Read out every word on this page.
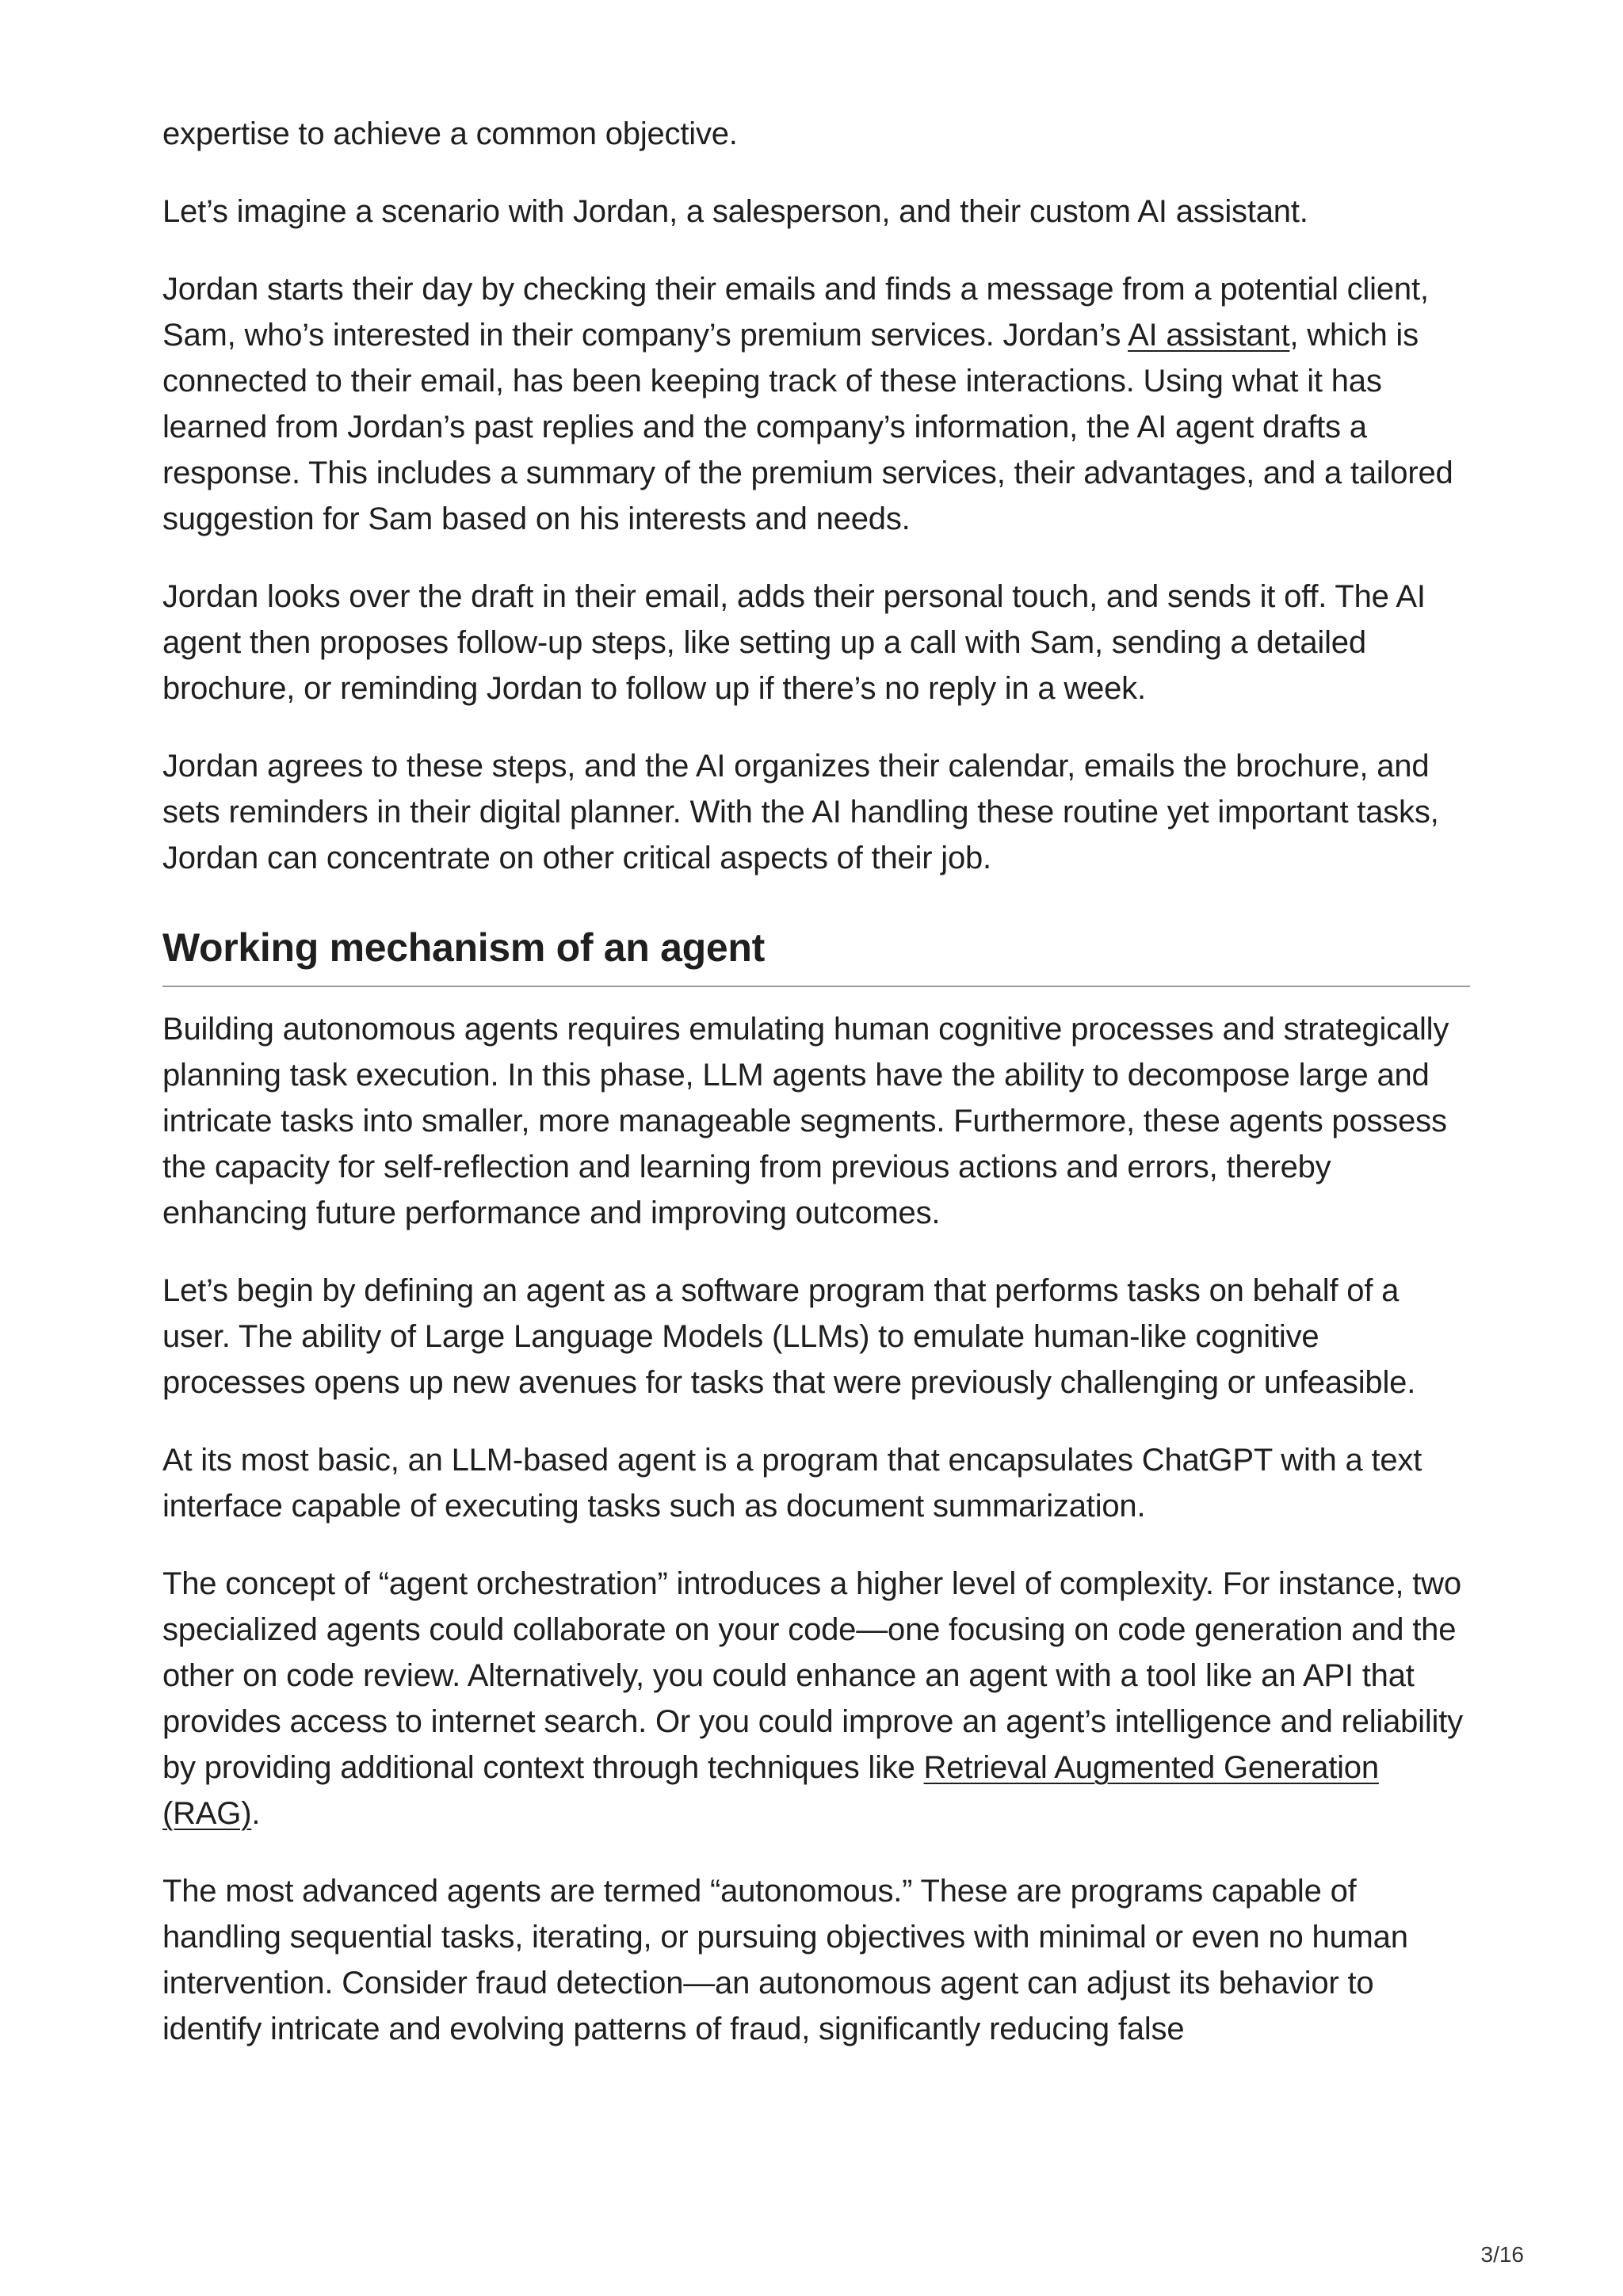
expertise to achieve a common objective.

Let’s imagine a scenario with Jordan, a salesperson, and their custom AI assistant.

Jordan starts their day by checking their emails and finds a message from a potential client, Sam, who’s interested in their company’s premium services. Jordan’s AI assistant, which is connected to their email, has been keeping track of these interactions. Using what it has learned from Jordan’s past replies and the company’s information, the AI agent drafts a response. This includes a summary of the premium services, their advantages, and a tailored suggestion for Sam based on his interests and needs.

Jordan looks over the draft in their email, adds their personal touch, and sends it off. The AI agent then proposes follow-up steps, like setting up a call with Sam, sending a detailed brochure, or reminding Jordan to follow up if there’s no reply in a week.

Jordan agrees to these steps, and the AI organizes their calendar, emails the brochure, and sets reminders in their digital planner. With the AI handling these routine yet important tasks, Jordan can concentrate on other critical aspects of their job.

Working mechanism of an agent

Building autonomous agents requires emulating human cognitive processes and strategically planning task execution. In this phase, LLM agents have the ability to decompose large and intricate tasks into smaller, more manageable segments. Furthermore, these agents possess the capacity for self-reflection and learning from previous actions and errors, thereby enhancing future performance and improving outcomes.

Let’s begin by defining an agent as a software program that performs tasks on behalf of a user. The ability of Large Language Models (LLMs) to emulate human-like cognitive processes opens up new avenues for tasks that were previously challenging or unfeasible.

At its most basic, an LLM-based agent is a program that encapsulates ChatGPT with a text interface capable of executing tasks such as document summarization.

The concept of “agent orchestration” introduces a higher level of complexity. For instance, two specialized agents could collaborate on your code—one focusing on code generation and the other on code review. Alternatively, you could enhance an agent with a tool like an API that provides access to internet search. Or you could improve an agent’s intelligence and reliability by providing additional context through techniques like Retrieval Augmented Generation (RAG).

The most advanced agents are termed “autonomous.” These are programs capable of handling sequential tasks, iterating, or pursuing objectives with minimal or even no human intervention. Consider fraud detection—an autonomous agent can adjust its behavior to identify intricate and evolving patterns of fraud, significantly reducing false

3/16
